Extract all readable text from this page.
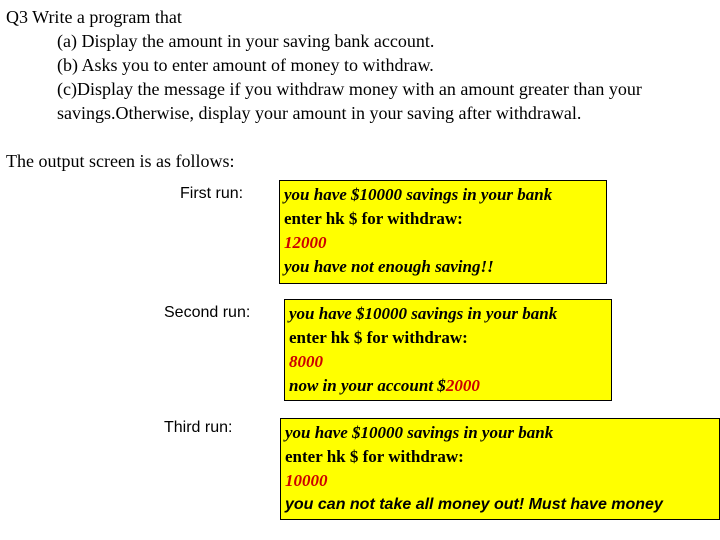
Q3 Write a program that
(a) Display the amount in your saving bank account.
(b) Asks you to enter amount of money to withdraw.
(c)Display the message if you withdraw money with an amount greater than your
savings.Otherwise, display your amount in your saving after withdrawal.
The output screen is as follows:
First run: you have $10000 savings in your bank
enter hk $ for withdraw:
12000
you have not enough saving!!
Second run: you have $10000 savings in your bank
enter hk $ for withdraw:
8000
now in your account $2000
Third run:	you have $10000 savings in your bank
enter hk $ for withdraw:
10000
you can not take all money out! Must have money
